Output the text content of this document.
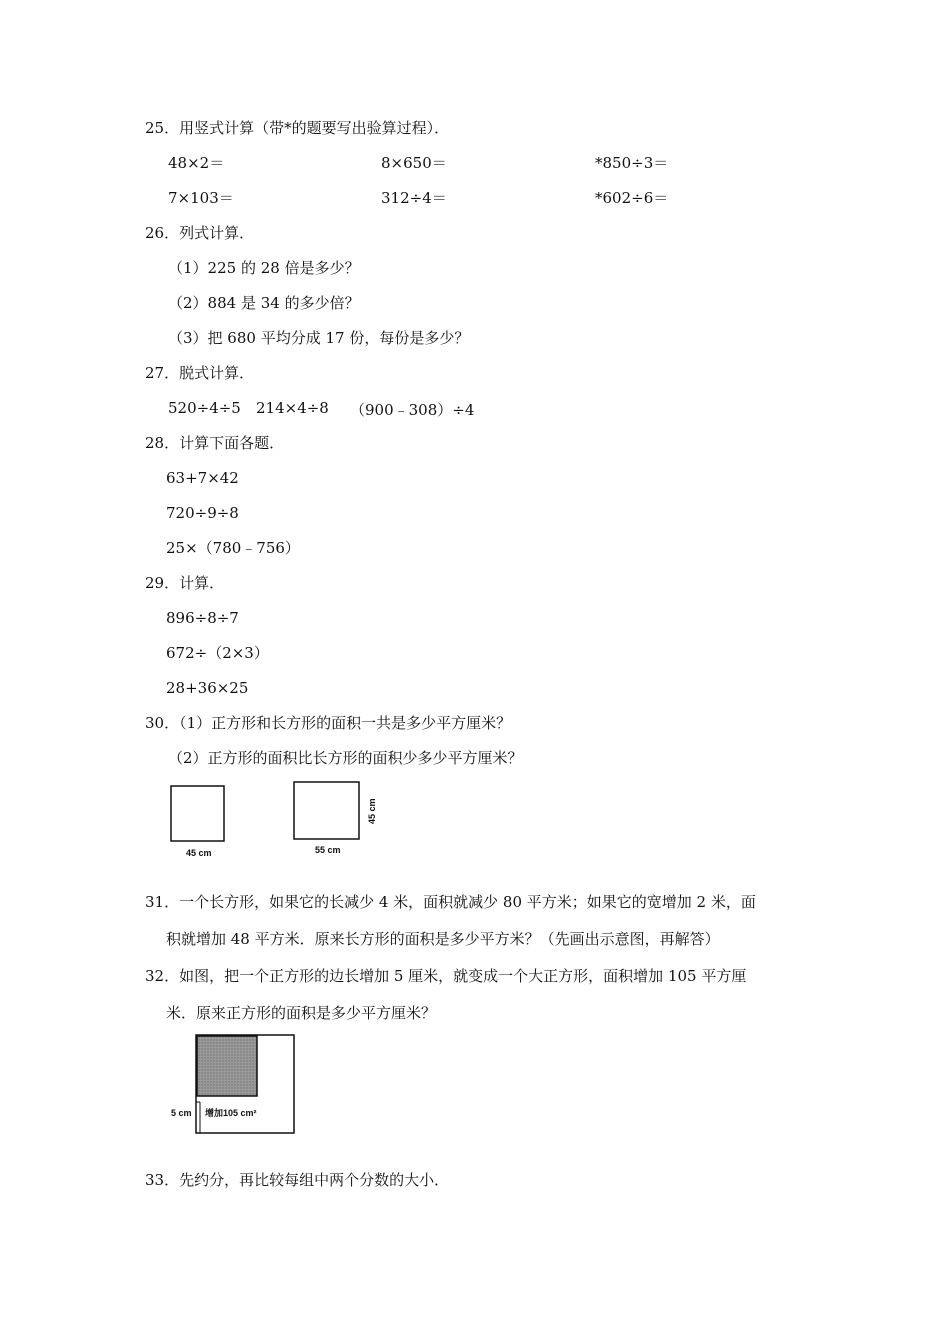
25．用竖式计算（带*的题要写出验算过程）．
48×2＝	8×650＝	*850÷3＝
7×103＝	312÷4＝	*602÷6＝
26．列式计算．
（1）225 的 28 倍是多少？
（2）884 是 34 的多少倍？
（3）把 680 平均分成 17 份，每份是多少？
27．脱式计算．
520÷4÷5 214×4÷8 （900﹣308）÷4
28．计算下面各题．
63+7×42
720÷9÷8
25×（780﹣756）
29．计算．
896÷8÷7
672÷（2×3）
28+36×25
30．（1）正方形和长方形的面积一共是多少平方厘米？
（2）正方形的面积比长方形的面积少多少平方厘米？
45 cm	55 cm
45 cm
31．一个长方形，如果它的长减少 4 米，面积就减少 80 平方米；如果它的宽增加 2 米，面
积就增加 48 平方米．原来长方形的面积是多少平方米？（先画出示意图，再解答）
32．如图，把一个正方形的边长增加 5 厘米，就变成一个大正方形，面积增加 105 平方厘
米．原来正方形的面积是多少平方厘米？
5 cm 增加105 cm²
33．先约分，再比较每组中两个分数的大小．
